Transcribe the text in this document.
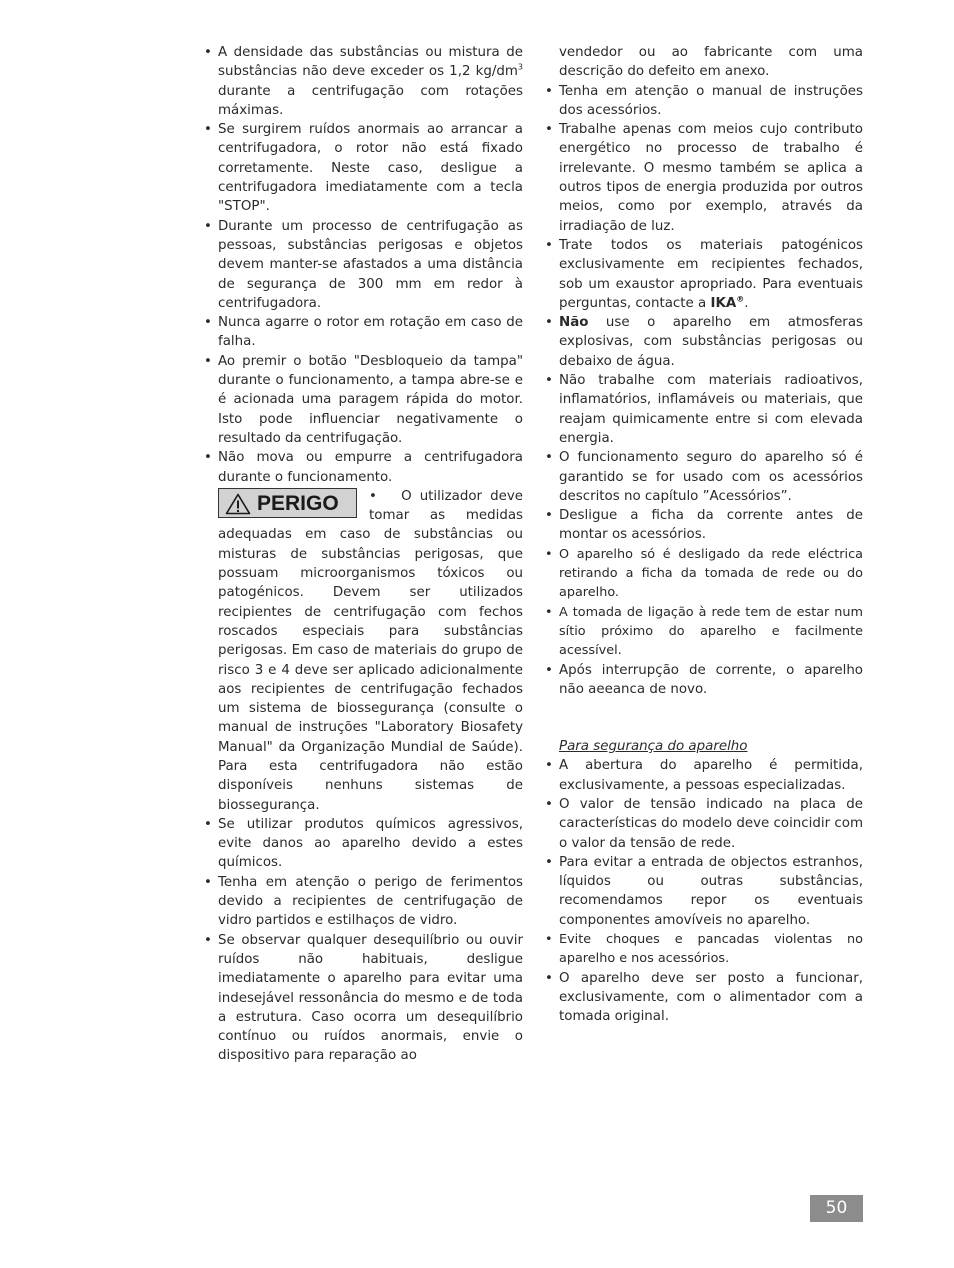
• A densidade das substâncias ou mistura de substâncias não deve exceder os 1,2 $kg/dm^3$ durante a centrifugação com rotações máximas.
• Se surgirem ruídos anormais ao arrancar a centrifugadora, o rotor não está fixado corretamente. Neste caso, desligue a centrifugadora imediatamente com a tecla "STOP".
• Durante um processo de centrifugação as pessoas, substâncias perigosas e objetos devem manter-se afastados a uma distância de segurança de 300 mm em redor à centrifugadora.
• Nunca agarre o rotor em rotação em caso de falha.
• Ao premir o botão "Desbloqueio da tampa" durante o funcionamento, a tampa abre-se e é acionada uma paragem rápida do motor. Isto pode influenciar negativamente o resultado da centrifugação.
• Não mova ou empurre a centrifugadora durante o funcionamento.
PERIGO • O utilizador deve tomar as medidas adequadas em caso de substâncias ou misturas de substâncias perigosas, que possuam microorganismos tóxicos ou patogénicos. Devem ser utilizados recipientes de centrifugação com fechos roscados especiais para substâncias perigosas. Em caso de materiais do grupo de risco 3 e 4 deve ser aplicado adicionalmente aos recipientes de centrifugação fechados um sistema de biossegurança (consulte o manual de instruções "Laboratory Biosafety Manual" da Organização Mundial de Saúde). Para esta centrifugadora não estão disponíveis nenhuns sistemas de biossegurança.
• Se utilizar produtos químicos agressivos, evite danos ao aparelho devido a estes químicos.
• Tenha em atenção o perigo de ferimentos devido a recipientes de centrifugação de vidro partidos e estilhaços de vidro.
• Se observar qualquer desequilíbrio ou ouvir ruídos não habituais, desligue imediatamente o aparelho para evitar uma indesejável ressonância do mesmo e de toda a estrutura. Caso ocorra um desequilíbrio contínuo ou ruídos anormais, envie o dispositivo para reparação ao
vendedor ou ao fabricante com uma descrição do defeito em anexo.
• Tenha em atenção o manual de instruções dos acessórios.
• Trabalhe apenas com meios cujo contributo energético no processo de trabalho é irrelevante. O mesmo também se aplica a outros tipos de energia produzida por outros meios, como por exemplo, através da irradiação de luz.
• Trate todos os materiais patogénicos exclusivamente em recipientes fechados, sob um exaustor apropriado. Para eventuais perguntas, contacte a IKA®.
• Não use o aparelho em atmosferas explosivas, com substâncias perigosas ou debaixo de água.
• Não trabalhe com materiais radioativos, inflamatórios, inflamáveis ou materiais, que reajam quimicamente entre si com elevada energia.
• O funcionamento seguro do aparelho só é garantido se for usado com os acessórios descritos no capítulo ”Acessórios”.
• Desligue a ficha da corrente antes de montar os acessórios.
• O aparelho só é desligado da rede eléctrica retirando a ficha da tomada de rede ou do aparelho.
• A tomada de ligação à rede tem de estar num sítio próximo do aparelho e facilmente acessível.
• Após interrupção de corrente, o aparelho não aeeanca de novo.
Para segurança do aparelho
• A abertura do aparelho é permitida, exclusivamente, a pessoas especializadas.
• O valor de tensão indicado na placa de características do modelo deve coincidir com o valor da tensão de rede.
• Para evitar a entrada de objectos estranhos, líquidos ou outras substâncias, recomendamos repor os eventuais componentes amovíveis no aparelho.
• Evite choques e pancadas violentas no aparelho e nos acessórios.
• O aparelho deve ser posto a funcionar, exclusivamente, com o alimentador com a tomada original.
50
